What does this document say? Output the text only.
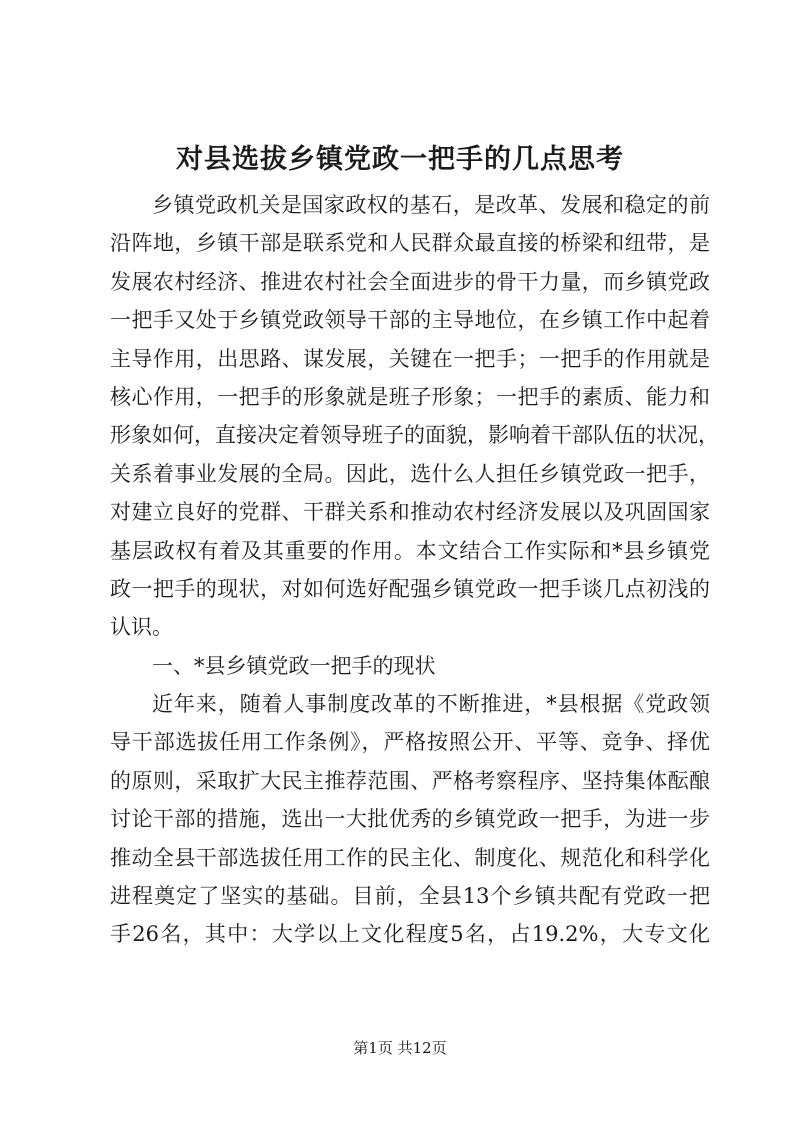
对县选拔乡镇党政一把手的几点思考
乡镇党政机关是国家政权的基石，是改革、发展和稳定的前
沿阵地，乡镇干部是联系党和人民群众最直接的桥梁和纽带，是
发展农村经济、推进农村社会全面进步的骨干力量，而乡镇党政
一把手又处于乡镇党政领导干部的主导地位，在乡镇工作中起着
主导作用，出思路、谋发展，关键在一把手；一把手的作用就是
核心作用，一把手的形象就是班子形象；一把手的素质、能力和
形象如何，直接决定着领导班子的面貌，影响着干部队伍的状况，
关系着事业发展的全局。因此，选什么人担任乡镇党政一把手，
对建立良好的党群、干群关系和推动农村经济发展以及巩固国家
基层政权有着及其重要的作用。本文结合工作实际和*县乡镇党
政一把手的现状，对如何选好配强乡镇党政一把手谈几点初浅的
认识。
一、*县乡镇党政一把手的现状
近年来，随着人事制度改革的不断推进，*县根据《党政领
导干部选拔任用工作条例》，严格按照公开、平等、竞争、择优
的原则，采取扩大民主推荐范围、严格考察程序、坚持集体酝酿
讨论干部的措施，选出一大批优秀的乡镇党政一把手，为进一步
推动全县干部选拔任用工作的民主化、制度化、规范化和科学化
进程奠定了坚实的基础。目前，全县13个乡镇共配有党政一把
手26名，其中：大学以上文化程度5名，占19.2%，大专文化
第1页 共12页
